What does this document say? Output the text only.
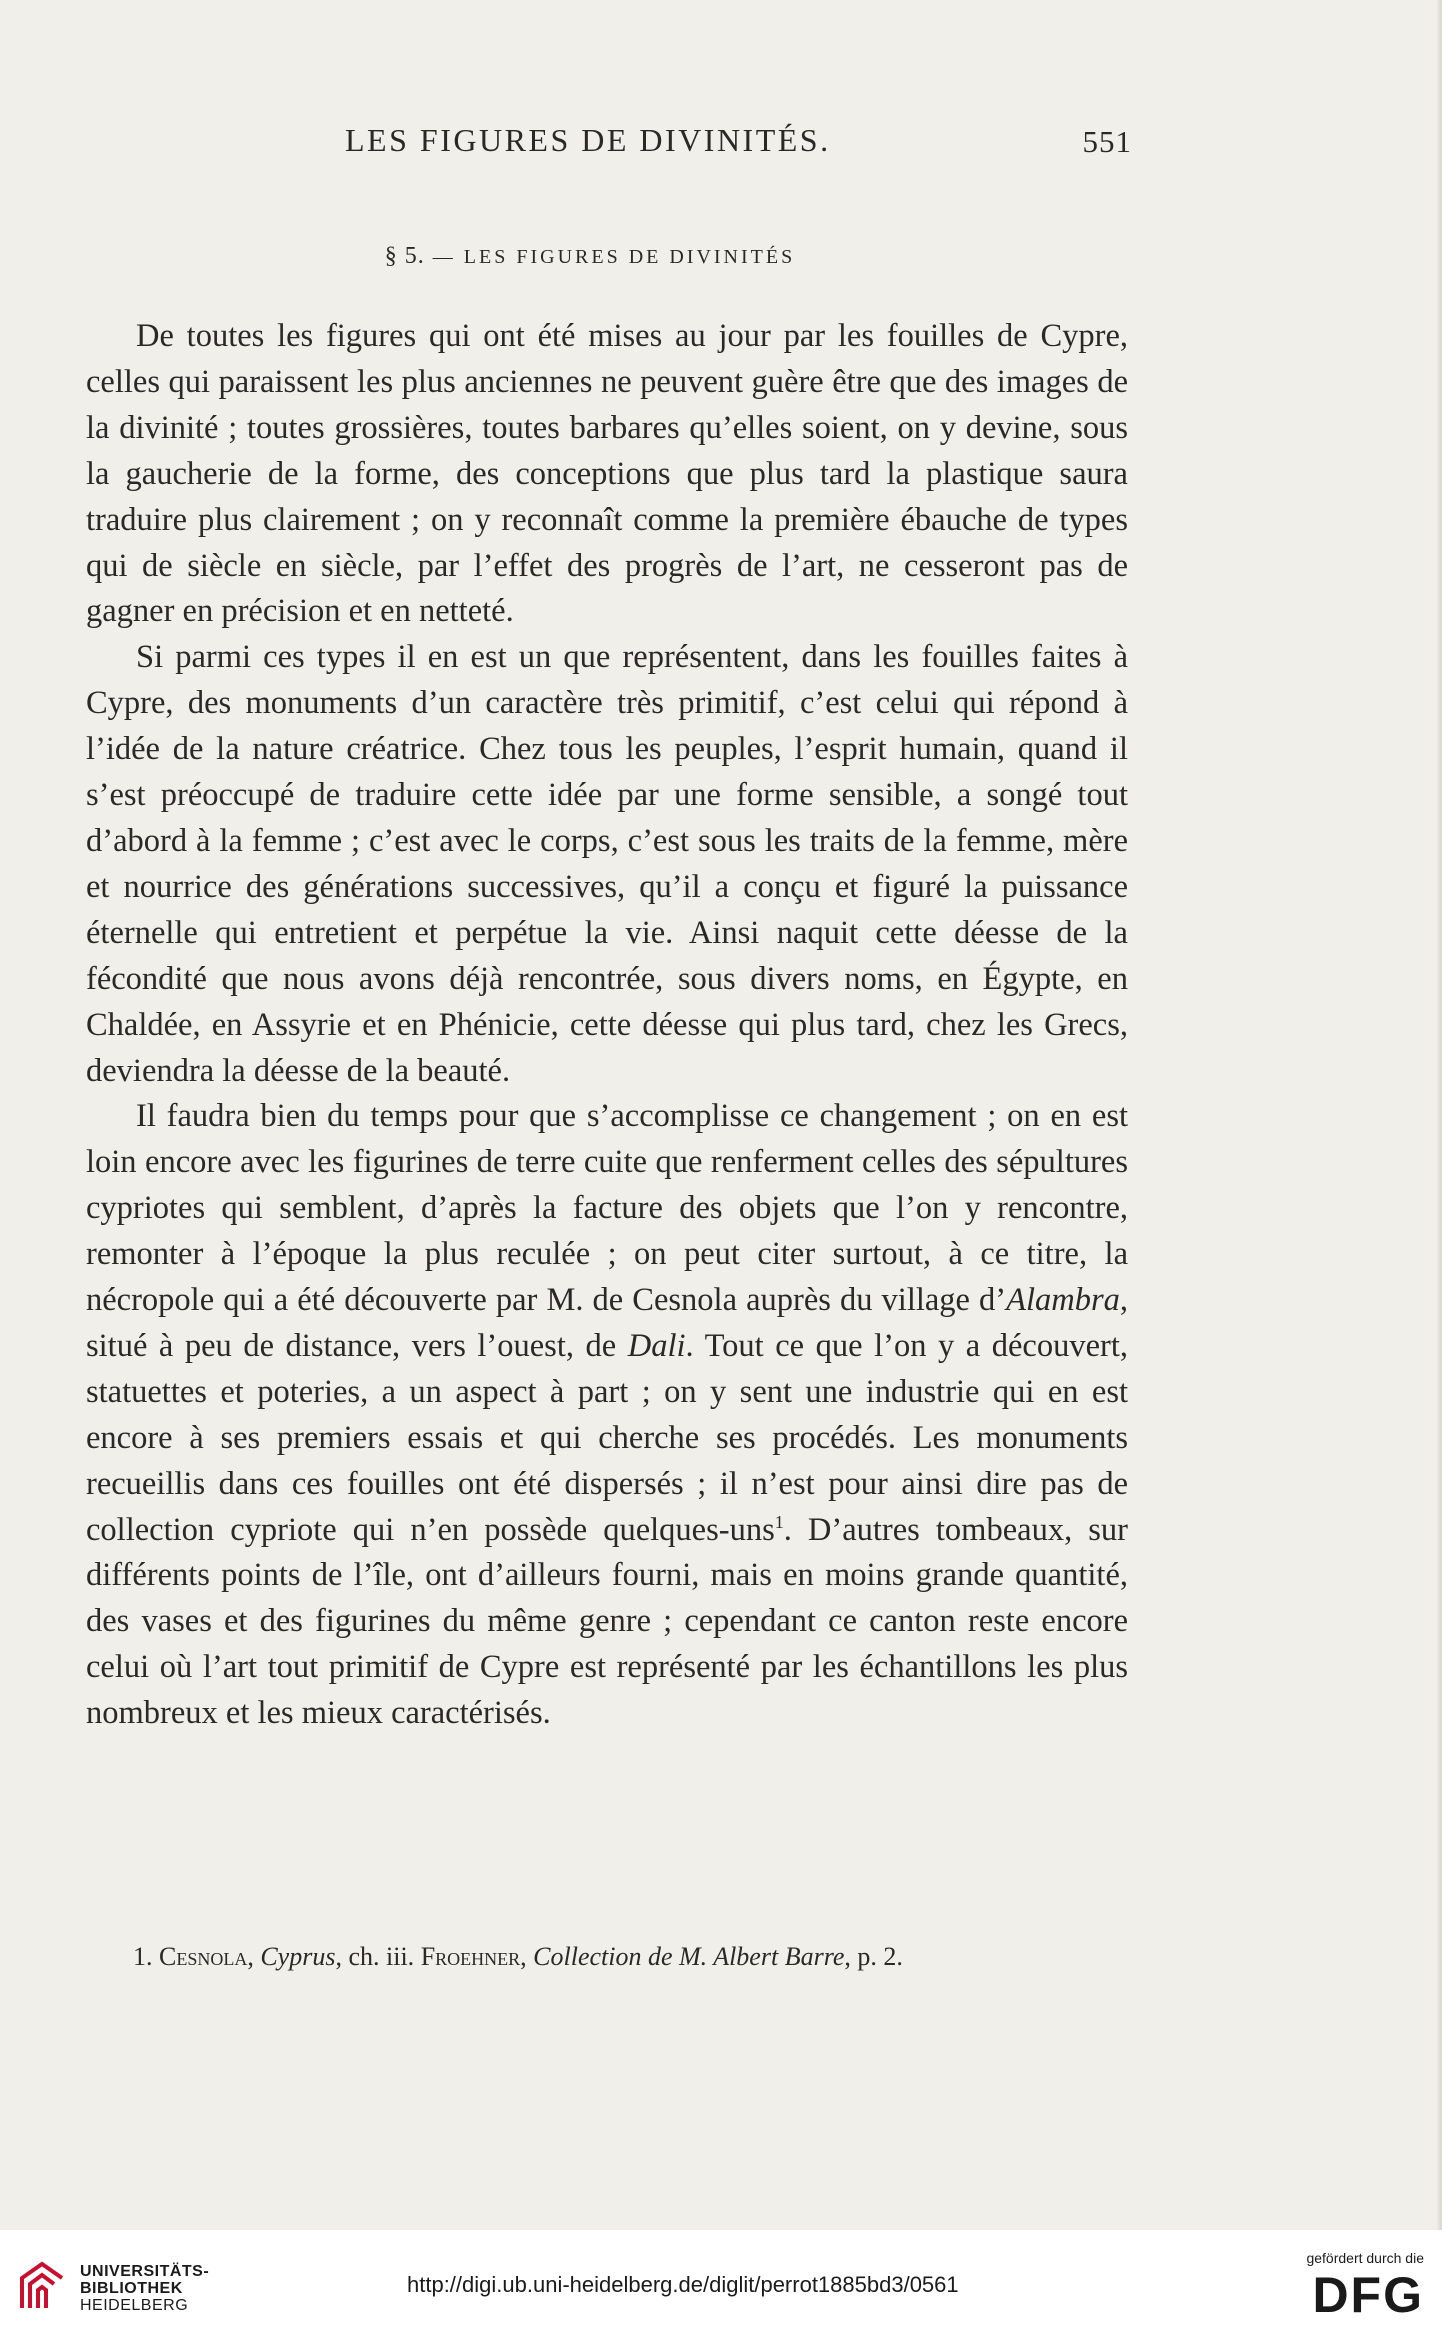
LES FIGURES DE DIVINITÉS.	551
§ 5. — LES FIGURES DE DIVINITÉS

De toutes les figures qui ont été mises au jour par les fouilles de Cypre, celles qui paraissent les plus anciennes ne peuvent guère être que des images de la divinité ; toutes grossières, toutes barbares qu’elles soient, on y devine, sous la gaucherie de la forme, des conceptions que plus tard la plastique saura traduire plus clairement ; on y reconnaît comme la première ébauche de types qui de siècle en siècle, par l’effet des progrès de l’art, ne cesseront pas de gagner en précision et en netteté.

Si parmi ces types il en est un que représentent, dans les fouilles faites à Cypre, des monuments d’un caractère très primitif, c’est celui qui répond à l’idée de la nature créatrice. Chez tous les peuples, l’esprit humain, quand il s’est préoccupé de traduire cette idée par une forme sensible, a songé tout d’abord à la femme ; c’est avec le corps, c’est sous les traits de la femme, mère et nourrice des générations successives, qu’il a conçu et figuré la puissance éternelle qui entretient et perpétue la vie. Ainsi naquit cette déesse de la fécondité que nous avons déjà rencontrée, sous divers noms, en Égypte, en Chaldée, en Assyrie et en Phénicie, cette déesse qui plus tard, chez les Grecs, deviendra la déesse de la beauté.

Il faudra bien du temps pour que s’accomplisse ce changement ; on en est loin encore avec les figurines de terre cuite que renferment celles des sépultures cypriotes qui semblent, d’après la facture des objets que l’on y rencontre, remonter à l’époque la plus reculée ; on peut citer surtout, à ce titre, la nécropole qui a été découverte par M. de Cesnola auprès du village d’Alambra, situé à peu de distance, vers l’ouest, de Dali. Tout ce que l’on y a découvert, statuettes et poteries, a un aspect à part ; on y sent une industrie qui en est encore à ses premiers essais et qui cherche ses procédés. Les monuments recueillis dans ces fouilles ont été dispersés ; il n’est pour ainsi dire pas de collection cypriote qui n’en possède quelques-uns$^1$. D’autres tombeaux, sur différents points de l’île, ont d’ailleurs fourni, mais en moins grande quantité, des vases et des figurines du même genre ; cependant ce canton reste encore celui où l’art tout primitif de Cypre est représenté par les échantillons les plus nombreux et les mieux caractérisés.

1. Cesnola, Cyprus, ch. iii. Froehner, Collection de M. Albert Barre, p. 2.
UNIVERSITÄTS-
BIBLIOTHEK
HEIDELBERG
http://digi.ub.uni-heidelberg.de/diglit/perrot1885bd3/0561
gefördert durch die
DFG
